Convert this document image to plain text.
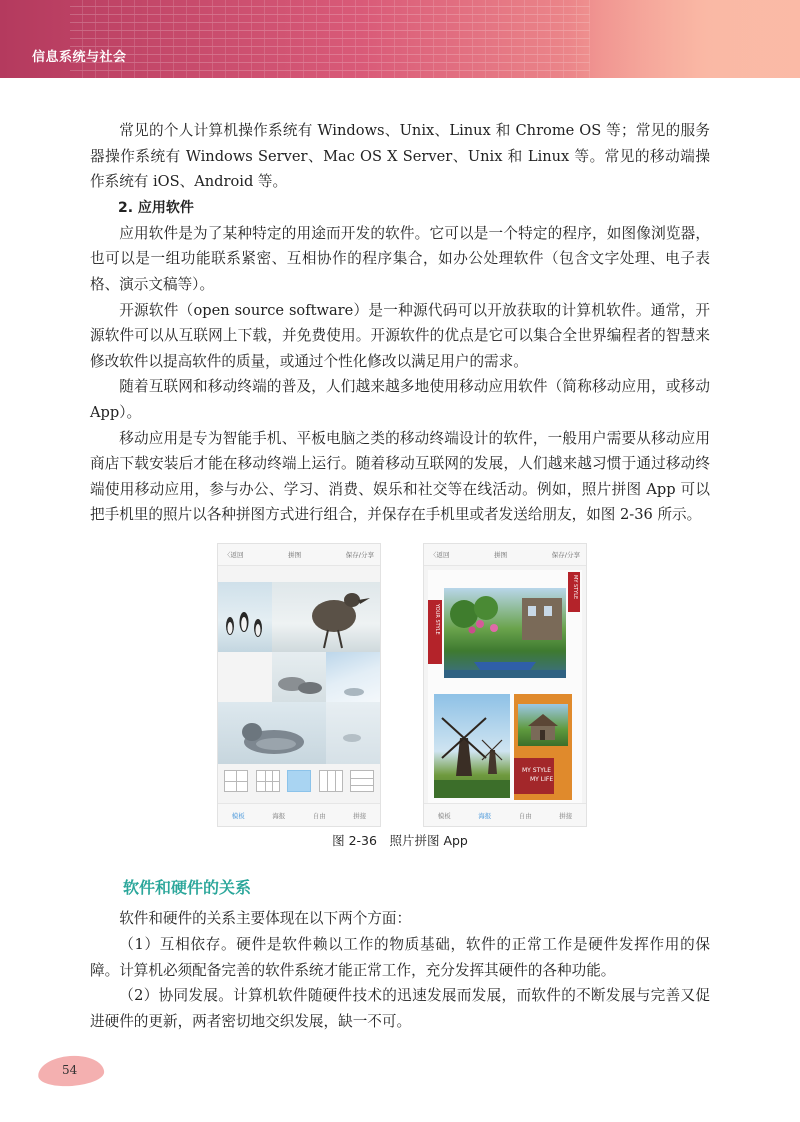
信息系统与社会

常见的个人计算机操作系统有 Windows、Unix、Linux 和 Chrome OS 等；常见的服务器操作系统有 Windows Server、Mac OS X Server、Unix 和 Linux 等。常见的移动端操作系统有 iOS、Android 等。

2. 应用软件

应用软件是为了某种特定的用途而开发的软件。它可以是一个特定的程序，如图像浏览器，也可以是一组功能联系紧密、互相协作的程序集合，如办公处理软件（包含文字处理、电子表格、演示文稿等）。

开源软件（open source software）是一种源代码可以开放获取的计算机软件。通常，开源软件可以从互联网上下载，并免费使用。开源软件的优点是它可以集合全世界编程者的智慧来修改软件以提高软件的质量，或通过个性化修改以满足用户的需求。

随着互联网和移动终端的普及，人们越来越多地使用移动应用软件（简称移动应用，或移动 App）。

移动应用是专为智能手机、平板电脑之类的移动终端设计的软件，一般用户需要从移动应用商店下载安装后才能在移动终端上运行。随着移动互联网的发展，人们越来越习惯于通过移动终端使用移动应用，参与办公、学习、消费、娱乐和社交等在线活动。例如，照片拼图 App 可以把手机里的照片以各种拼图方式进行组合，并保存在手机里或者发送给朋友，如图 2-36 所示。

〈返回	拼图	保存/分享
模板	海报	自由	拼接
〈返回	拼图	保存/分享
YOUR STYLE
MY STYLE
MY STYLE
MY LIFE
模板	海报	自由	拼接
图 2-36　照片拼图 App
软件和硬件的关系

软件和硬件的关系主要体现在以下两个方面：

（1）互相依存。硬件是软件赖以工作的物质基础，软件的正常工作是硬件发挥作用的保障。计算机必须配备完善的软件系统才能正常工作，充分发挥其硬件的各种功能。

（2）协同发展。计算机软件随硬件技术的迅速发展而发展，而软件的不断发展与完善又促进硬件的更新，两者密切地交织发展，缺一不可。

54
